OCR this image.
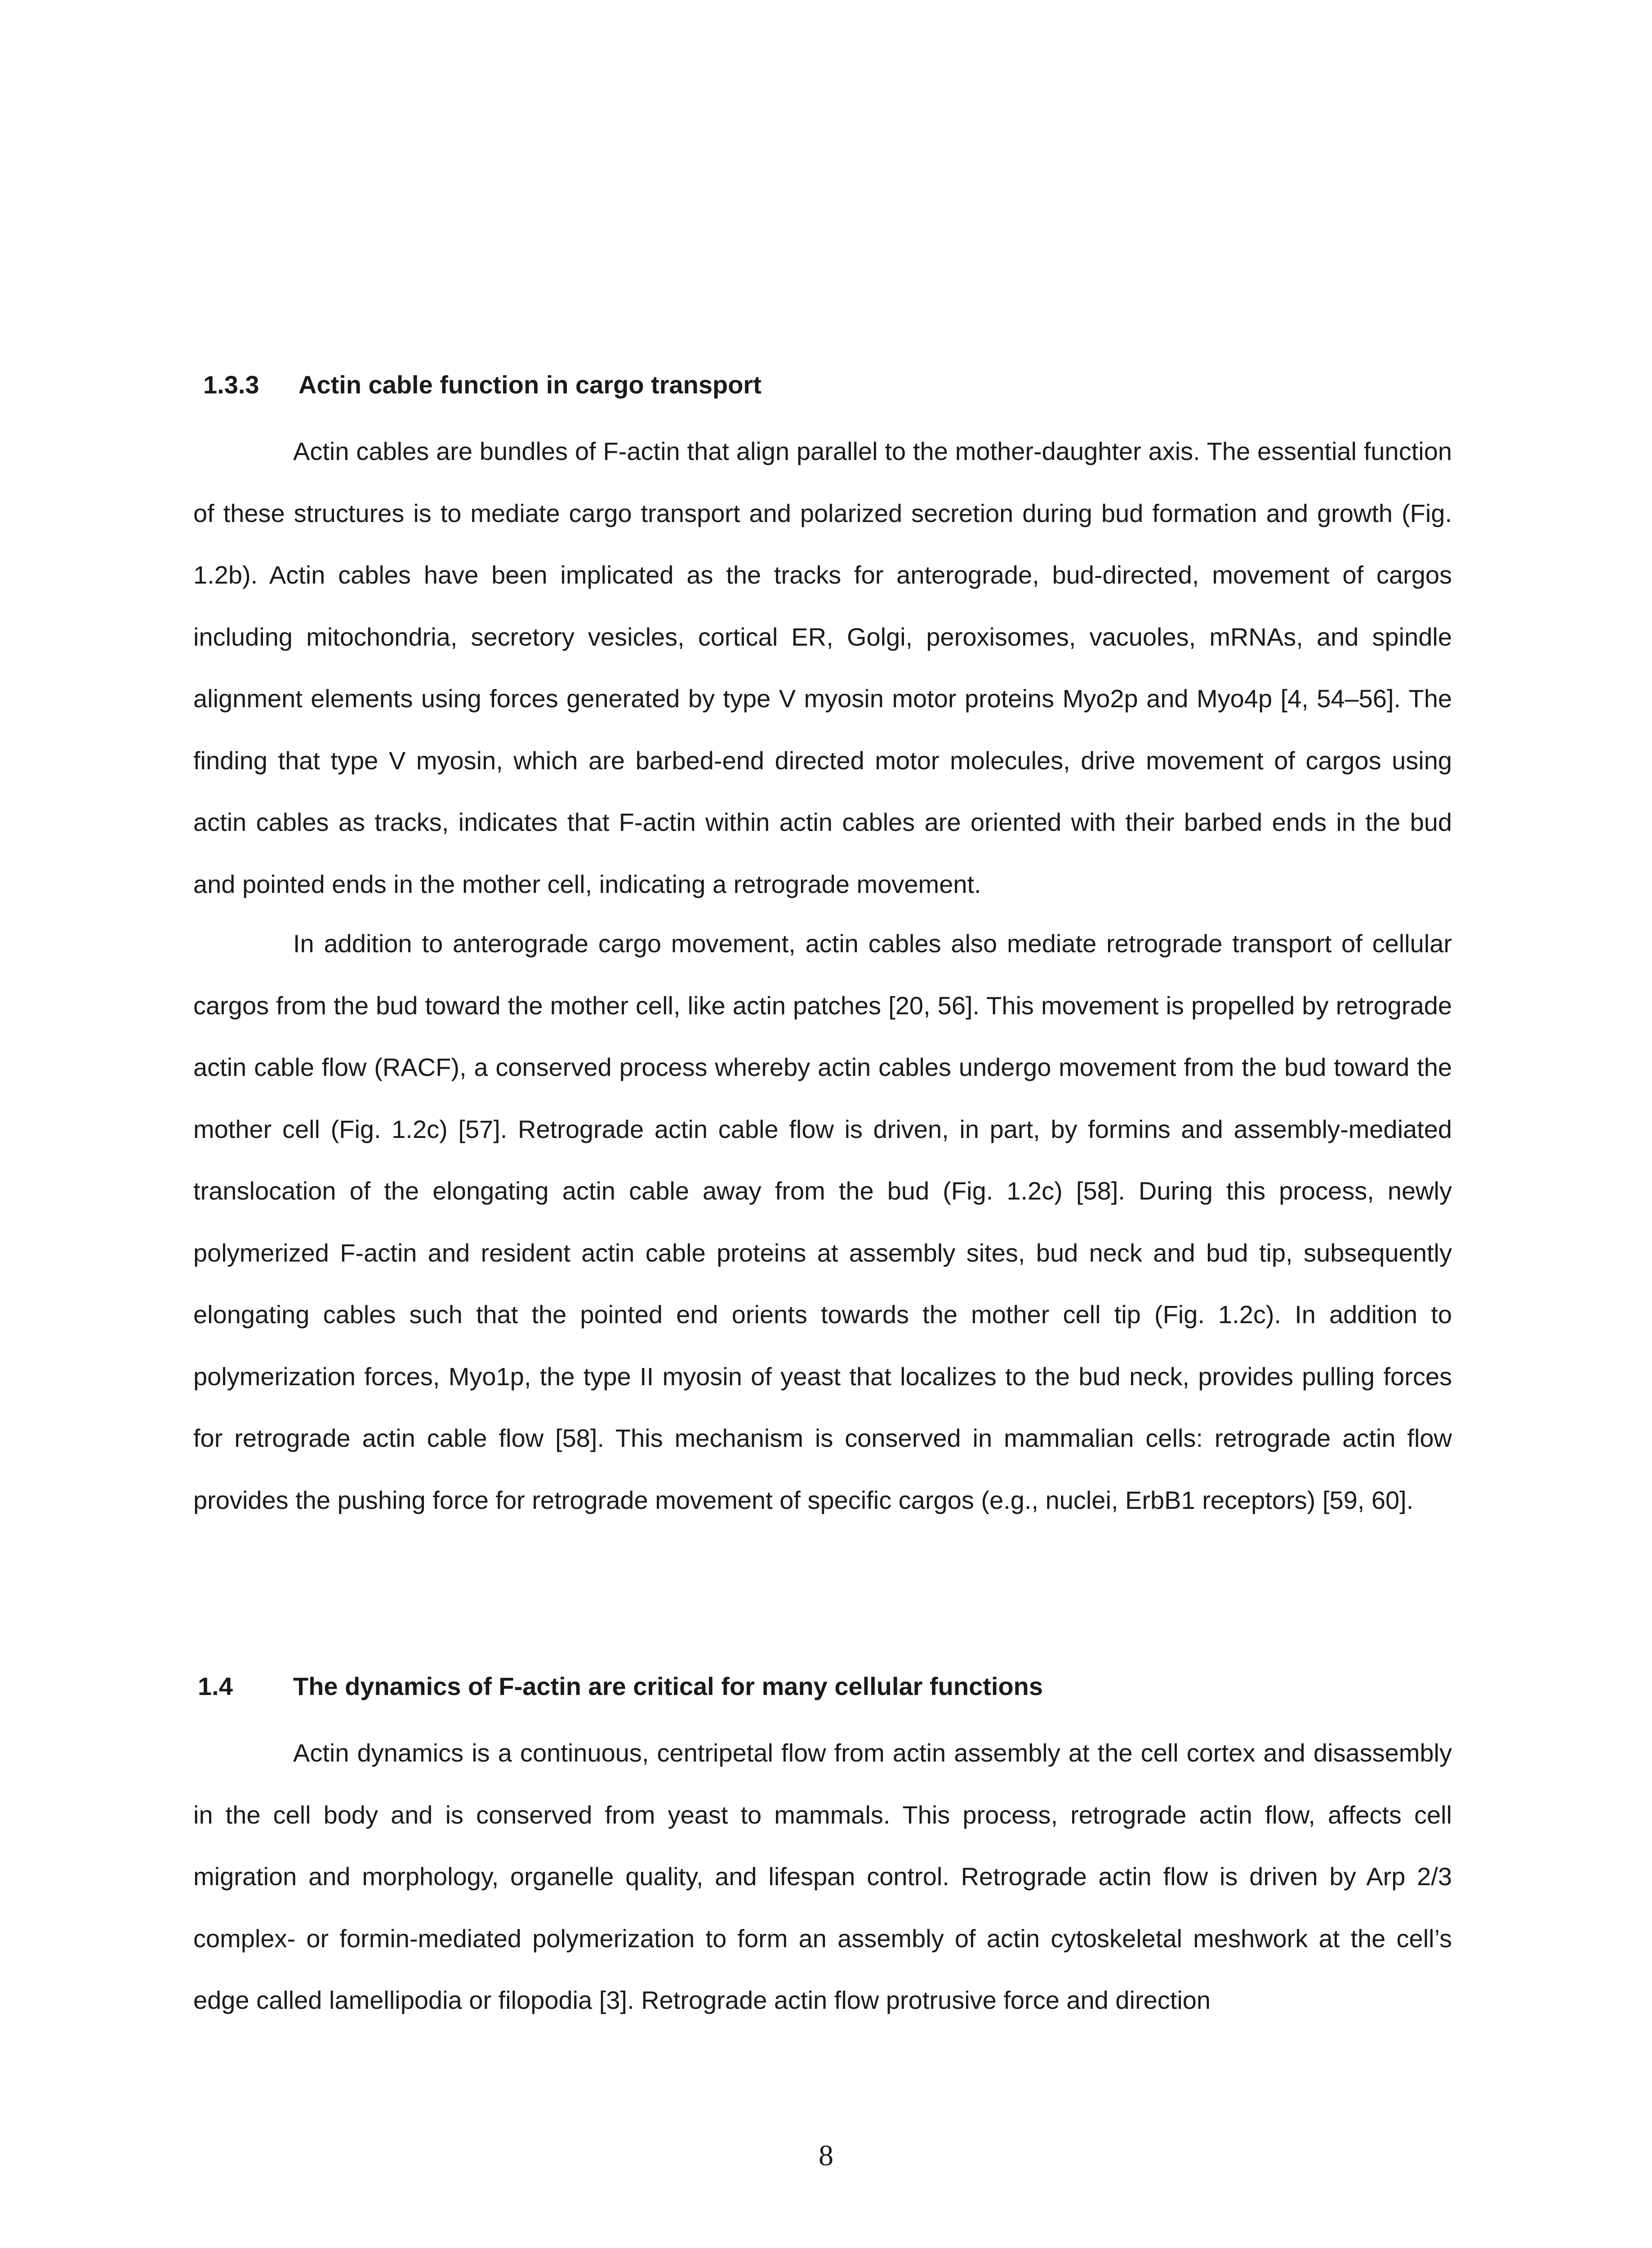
1.3.3 Actin cable function in cargo transport

Actin cables are bundles of F-actin that align parallel to the mother-daughter axis. The essential function of these structures is to mediate cargo transport and polarized secretion during bud formation and growth (Fig. 1.2b). Actin cables have been implicated as the tracks for anterograde, bud-directed, movement of cargos including mitochondria, secretory vesicles, cortical ER, Golgi, peroxisomes, vacuoles, mRNAs, and spindle alignment elements using forces generated by type V myosin motor proteins Myo2p and Myo4p [4, 54–56]. The finding that type V myosin, which are barbed-end directed motor molecules, drive movement of cargos using actin cables as tracks, indicates that F-actin within actin cables are oriented with their barbed ends in the bud and pointed ends in the mother cell, indicating a retrograde movement.

In addition to anterograde cargo movement, actin cables also mediate retrograde transport of cellular cargos from the bud toward the mother cell, like actin patches [20, 56]. This movement is propelled by retrograde actin cable flow (RACF), a conserved process whereby actin cables undergo movement from the bud toward the mother cell (Fig. 1.2c) [57]. Retrograde actin cable flow is driven, in part, by formins and assembly-mediated translocation of the elongating actin cable away from the bud (Fig. 1.2c) [58]. During this process, newly polymerized F-actin and resident actin cable proteins at assembly sites, bud neck and bud tip, subsequently elongating cables such that the pointed end orients towards the mother cell tip (Fig. 1.2c). In addition to polymerization forces, Myo1p, the type II myosin of yeast that localizes to the bud neck, provides pulling forces for retrograde actin cable flow [58]. This mechanism is conserved in mammalian cells: retrograde actin flow provides the pushing force for retrograde movement of specific cargos (e.g., nuclei, ErbB1 receptors) [59, 60].

1.4 The dynamics of F-actin are critical for many cellular functions

Actin dynamics is a continuous, centripetal flow from actin assembly at the cell cortex and disassembly in the cell body and is conserved from yeast to mammals. This process, retrograde actin flow, affects cell migration and morphology, organelle quality, and lifespan control. Retrograde actin flow is driven by Arp 2/3 complex- or formin-mediated polymerization to form an assembly of actin cytoskeletal meshwork at the cell’s edge called lamellipodia or filopodia [3]. Retrograde actin flow protrusive force and direction

8
